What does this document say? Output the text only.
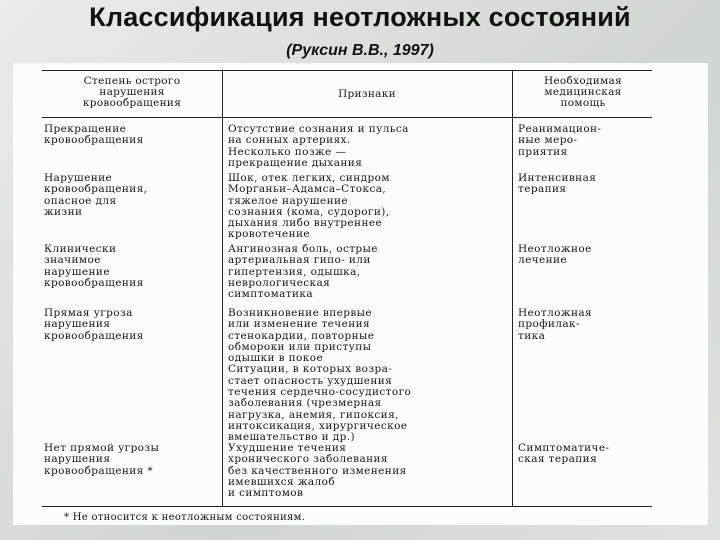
Классификация неотложных состояний
(Руксин В.В., 1997)
Степень острого
нарушения
кровообращения
Признаки
Необходимая
медицинская
помощь
Прекращение
кровообращения
Отсутствие сознания и пульса
на сонных артериях.
Несколько позже —
прекращение дыхания
Реанимацион-
ные меро-
приятия
Нарушение
кровообращения,
опасное для
жизни
Шок, отек легких, синдром
Морганьи–Адамса–Стокса,
тяжелое нарушение
сознания (кома, судороги),
дыхания либо внутреннее
кровотечение
Интенсивная
терапия
Клинически
значимое
нарушение
кровообращения
Ангинозная боль, острые
артериальная гипо- или
гипертензия, одышка,
неврологическая
симптоматика
Неотложное
лечение
Прямая угроза
нарушения
кровообращения
Возникновение впервые
или изменение течения
стенокардии, повторные
обмороки или приступы
одышки в покое
Ситуации, в которых возра-
стает опасность ухудшения
течения сердечно-сосудистого
заболевания (чрезмерная
нагрузка, анемия, гипоксия,
интоксикация, хирургическое
вмешательство и др.)
Неотложная
профилак-
тика
Нет прямой угрозы
нарушения
кровообращения *
Ухудшение течения
хронического заболевания
без качественного изменения
имевшихся жалоб
и симптомов
Симптоматиче-
ская терапия
* Не относится к неотложным состояниям.
